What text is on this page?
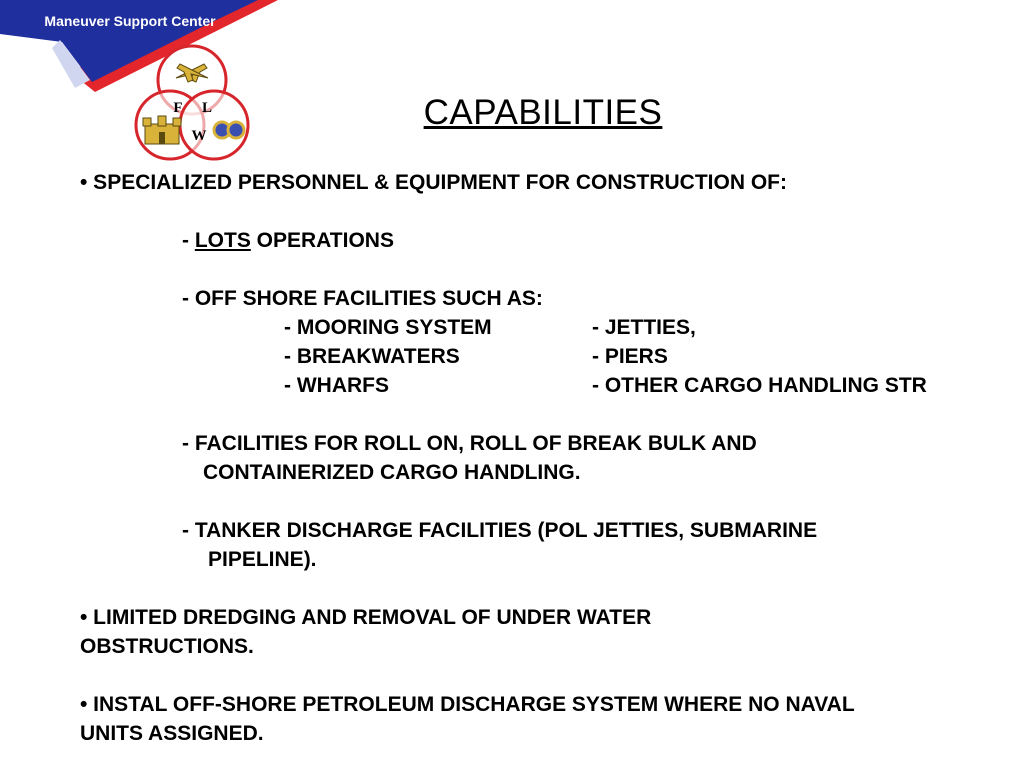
Maneuver Support Center
F L
W
CAPABILITIES
• SPECIALIZED PERSONNEL & EQUIPMENT FOR CONSTRUCTION OF:
- LOTS OPERATIONS
- OFF SHORE FACILITIES SUCH AS:
- MOORING SYSTEM	- JETTIES,
- BREAKWATERS	- PIERS
- WHARFS	- OTHER CARGO HANDLING STR
- FACILITIES FOR ROLL ON, ROLL OF BREAK BULK AND
CONTAINERIZED CARGO HANDLING.
- TANKER DISCHARGE FACILITIES (POL JETTIES, SUBMARINE
PIPELINE).
• LIMITED DREDGING AND REMOVAL OF UNDER WATER
OBSTRUCTIONS.
• INSTAL OFF-SHORE PETROLEUM DISCHARGE SYSTEM WHERE NO NAVAL
UNITS ASSIGNED.
